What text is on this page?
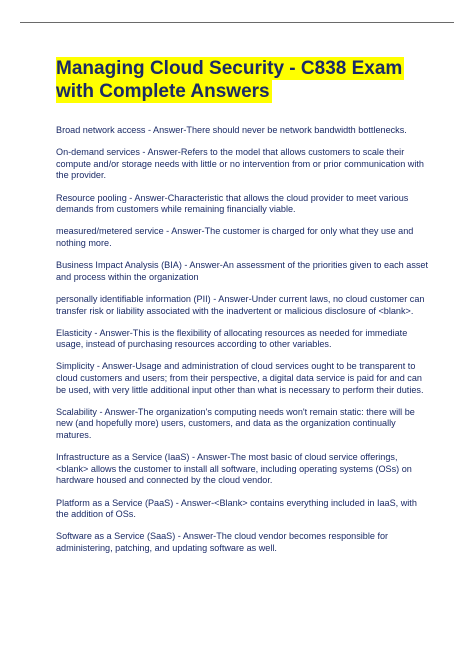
Managing Cloud Security - C838 Exam
with Complete Answers

Broad network access - Answer-There should never be network bandwidth bottlenecks.

On-demand services - Answer-Refers to the model that allows customers to scale their compute and/or storage needs with little or no intervention from or prior communication with the provider.

Resource pooling - Answer-Characteristic that allows the cloud provider to meet various demands from customers while remaining financially viable.

measured/metered service - Answer-The customer is charged for only what they use and nothing more.

Business Impact Analysis (BIA) - Answer-An assessment of the priorities given to each asset and process within the organization

personally identifiable information (PII) - Answer-Under current laws, no cloud customer can transfer risk or liability associated with the inadvertent or malicious disclosure of <blank>.

Elasticity - Answer-This is the flexibility of allocating resources as needed for immediate usage, instead of purchasing resources according to other variables.

Simplicity - Answer-Usage and administration of cloud services ought to be transparent to cloud customers and users; from their perspective, a digital data service is paid for and can be used, with very little additional input other than what is necessary to perform their duties.

Scalability - Answer-The organization's computing needs won't remain static: there will be new (and hopefully more) users, customers, and data as the organization continually matures.

Infrastructure as a Service (IaaS) - Answer-The most basic of cloud service offerings, <blank> allows the customer to install all software, including operating systems (OSs) on hardware housed and connected by the cloud vendor.

Platform as a Service (PaaS) - Answer-<Blank> contains everything included in IaaS, with the addition of OSs.

Software as a Service (SaaS) - Answer-The cloud vendor becomes responsible for administering, patching, and updating software as well.
